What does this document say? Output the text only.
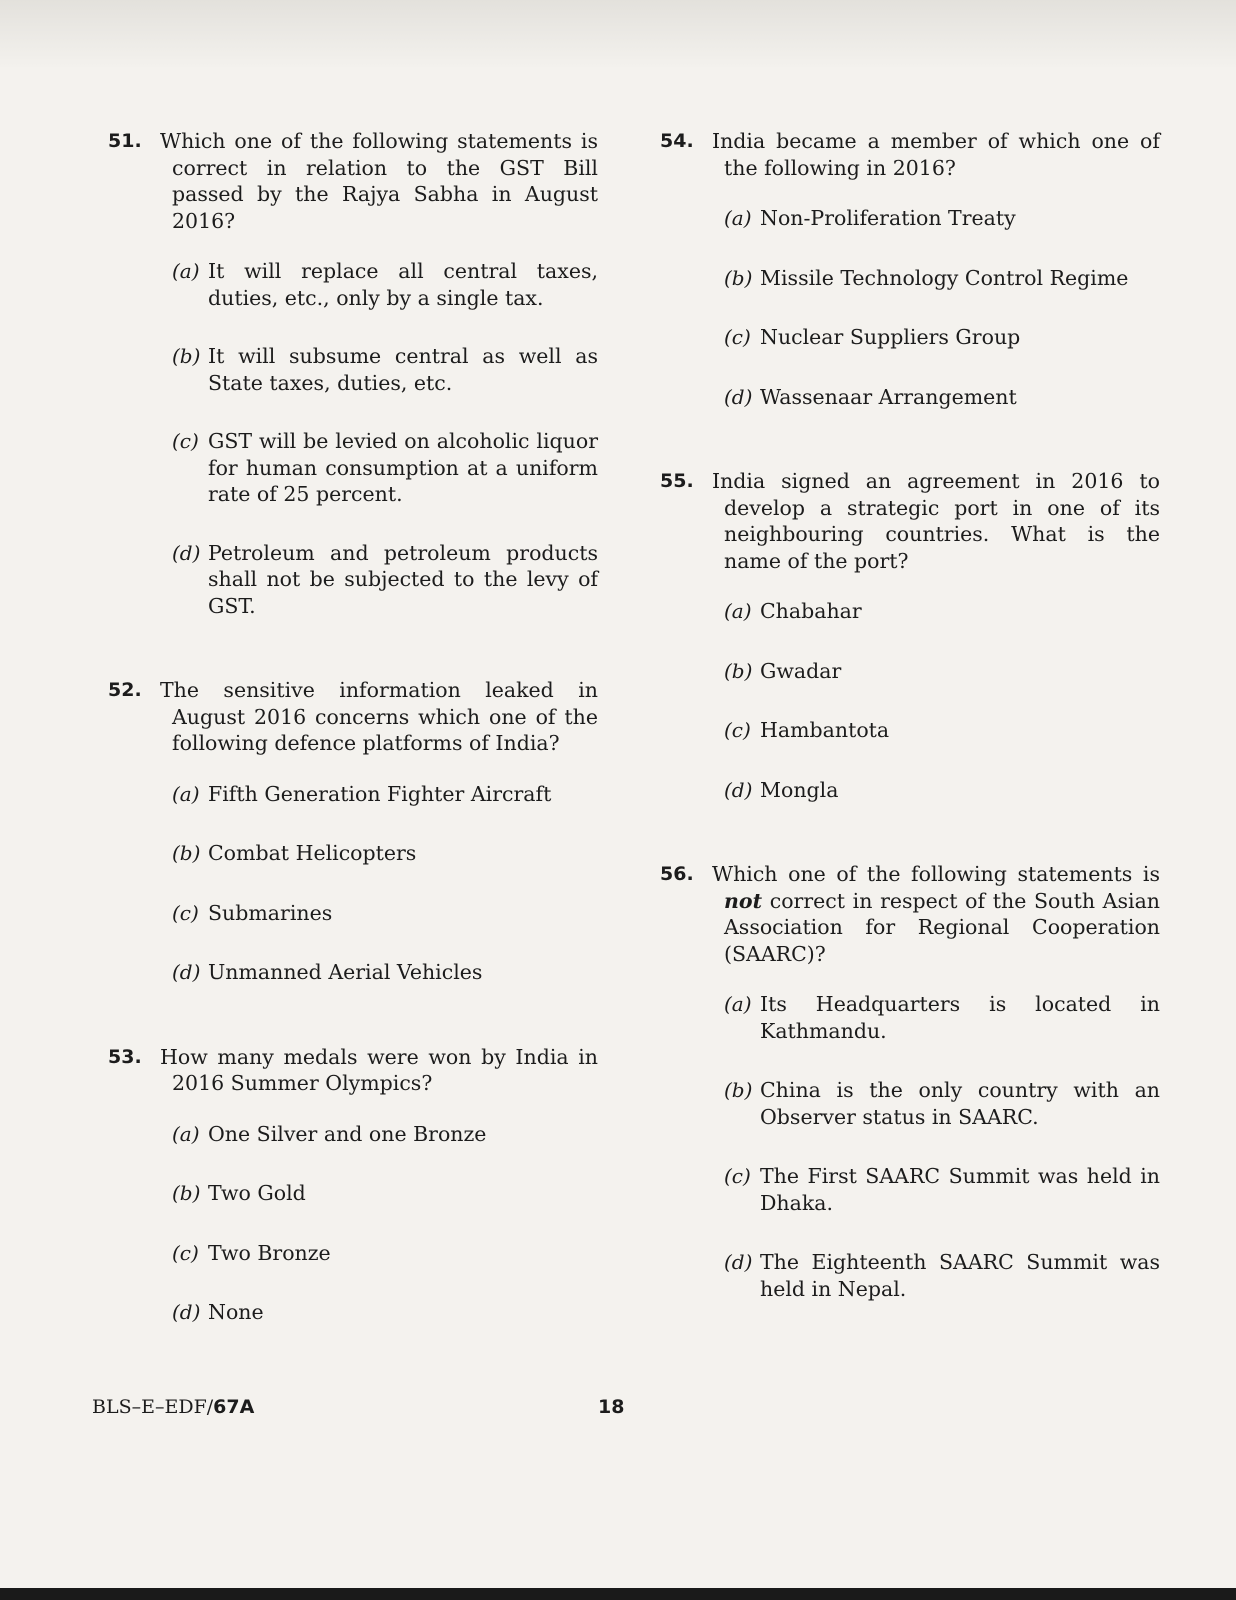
51. Which one of the following statements is correct in relation to the GST Bill passed by the Rajya Sabha in August 2016?

(a) It will replace all central taxes, duties, etc., only by a single tax.
(b) It will subsume central as well as State taxes, duties, etc.
(c) GST will be levied on alcoholic liquor for human consumption at a uniform rate of 25 percent.
(d) Petroleum and petroleum products shall not be subjected to the levy of GST.
52. The sensitive information leaked in August 2016 concerns which one of the following defence platforms of India?

(a) Fifth Generation Fighter Aircraft
(b) Combat Helicopters
(c) Submarines
(d) Unmanned Aerial Vehicles
53. How many medals were won by India in 2016 Summer Olympics?

(a) One Silver and one Bronze
(b) Two Gold
(c) Two Bronze
(d) None
54. India became a member of which one of the following in 2016?

(a) Non-Proliferation Treaty
(b) Missile Technology Control Regime
(c) Nuclear Suppliers Group
(d) Wassenaar Arrangement
55. India signed an agreement in 2016 to develop a strategic port in one of its neighbouring countries. What is the name of the port?

(a) Chabahar
(b) Gwadar
(c) Hambantota
(d) Mongla
56. Which one of the following statements is not correct in respect of the South Asian Association for Regional Cooperation (SAARC)?

(a) Its Headquarters is located in Kathmandu.
(b) China is the only country with an Observer status in SAARC.
(c) The First SAARC Summit was held in Dhaka.
(d) The Eighteenth SAARC Summit was held in Nepal.
BLS–E–EDF/67A	18
